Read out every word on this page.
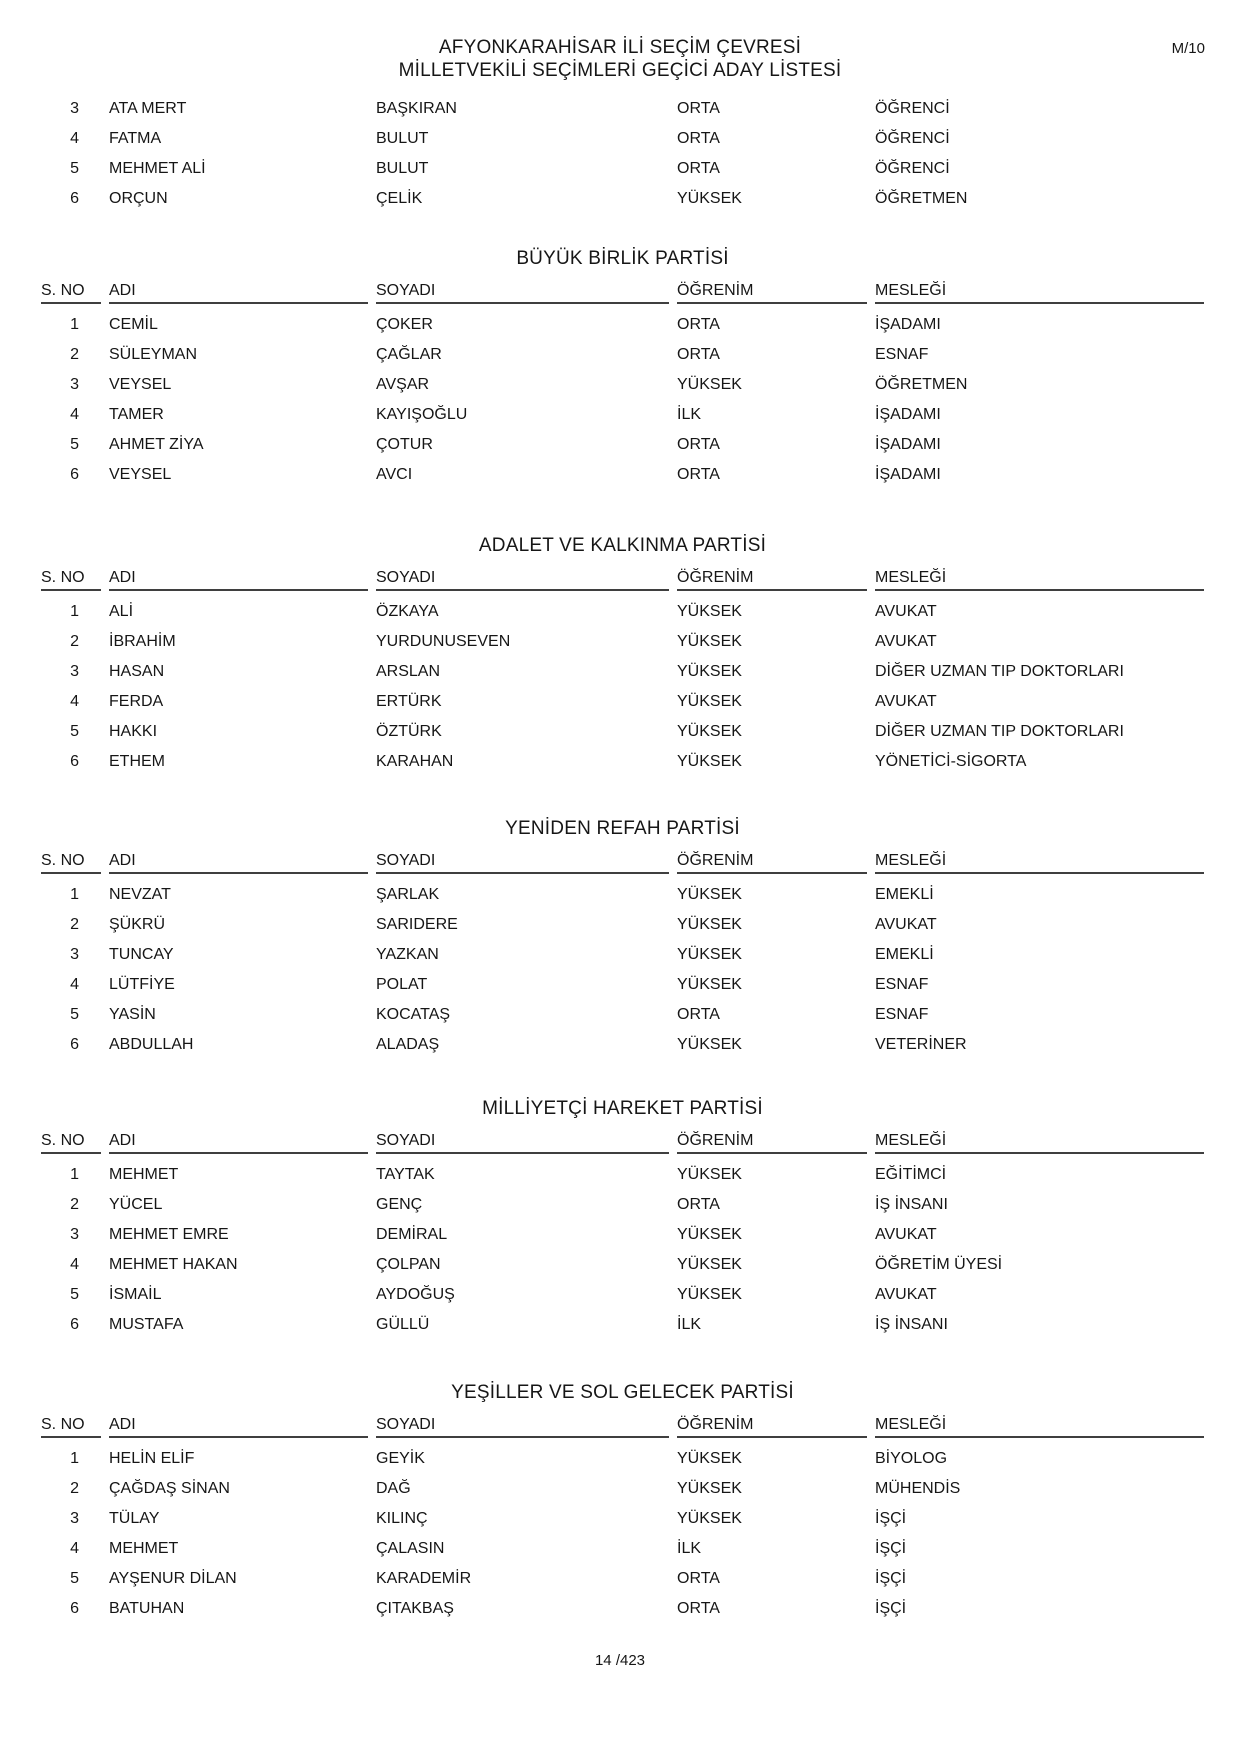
M/10
AFYONKARAHİSAR İLİ SEÇİM ÇEVRESİ
MİLLETVEKİLİ SEÇİMLERİ GEÇİCİ ADAY LİSTESİ
3	ATA MERT	BAŞKIRAN	ORTA	ÖĞRENCİ
4	FATMA	BULUT	ORTA	ÖĞRENCİ
5	MEHMET ALİ	BULUT	ORTA	ÖĞRENCİ
6	ORÇUN	ÇELİK	YÜKSEK	ÖĞRETMEN
BÜYÜK BİRLİK PARTİSİ
S. NO	ADI	SOYADI	ÖĞRENİM	MESLEĞİ
1	CEMİL	ÇOKER	ORTA	İŞADAMI
2	SÜLEYMAN	ÇAĞLAR	ORTA	ESNAF
3	VEYSEL	AVŞAR	YÜKSEK	ÖĞRETMEN
4	TAMER	KAYIŞOĞLU	İLK	İŞADAMI
5	AHMET ZİYA	ÇOTUR	ORTA	İŞADAMI
6	VEYSEL	AVCI	ORTA	İŞADAMI
ADALET VE KALKINMA PARTİSİ
S. NO	ADI	SOYADI	ÖĞRENİM	MESLEĞİ
1	ALİ	ÖZKAYA	YÜKSEK	AVUKAT
2	İBRAHİM	YURDUNUSEVEN	YÜKSEK	AVUKAT
3	HASAN	ARSLAN	YÜKSEK	DİĞER UZMAN TIP DOKTORLARI
4	FERDA	ERTÜRK	YÜKSEK	AVUKAT
5	HAKKI	ÖZTÜRK	YÜKSEK	DİĞER UZMAN TIP DOKTORLARI
6	ETHEM	KARAHAN	YÜKSEK	YÖNETİCİ-SİGORTA
YENİDEN REFAH PARTİSİ
S. NO	ADI	SOYADI	ÖĞRENİM	MESLEĞİ
1	NEVZAT	ŞARLAK	YÜKSEK	EMEKLİ
2	ŞÜKRÜ	SARIDERE	YÜKSEK	AVUKAT
3	TUNCAY	YAZKAN	YÜKSEK	EMEKLİ
4	LÜTFİYE	POLAT	YÜKSEK	ESNAF
5	YASİN	KOCATAŞ	ORTA	ESNAF
6	ABDULLAH	ALADAŞ	YÜKSEK	VETERİNER
MİLLİYETÇİ HAREKET PARTİSİ
S. NO	ADI	SOYADI	ÖĞRENİM	MESLEĞİ
1	MEHMET	TAYTAK	YÜKSEK	EĞİTİMCİ
2	YÜCEL	GENÇ	ORTA	İŞ İNSANI
3	MEHMET EMRE	DEMİRAL	YÜKSEK	AVUKAT
4	MEHMET HAKAN	ÇOLPAN	YÜKSEK	ÖĞRETİM ÜYESİ
5	İSMAİL	AYDOĞUŞ	YÜKSEK	AVUKAT
6	MUSTAFA	GÜLLÜ	İLK	İŞ İNSANI
YEŞİLLER VE SOL GELECEK PARTİSİ
S. NO	ADI	SOYADI	ÖĞRENİM	MESLEĞİ
1	HELİN ELİF	GEYİK	YÜKSEK	BİYOLOG
2	ÇAĞDAŞ SİNAN	DAĞ	YÜKSEK	MÜHENDİS
3	TÜLAY	KILINÇ	YÜKSEK	İŞÇİ
4	MEHMET	ÇALASIN	İLK	İŞÇİ
5	AYŞENUR DİLAN	KARADEMİR	ORTA	İŞÇİ
6	BATUHAN	ÇITAKBAŞ	ORTA	İŞÇİ
14 /423
